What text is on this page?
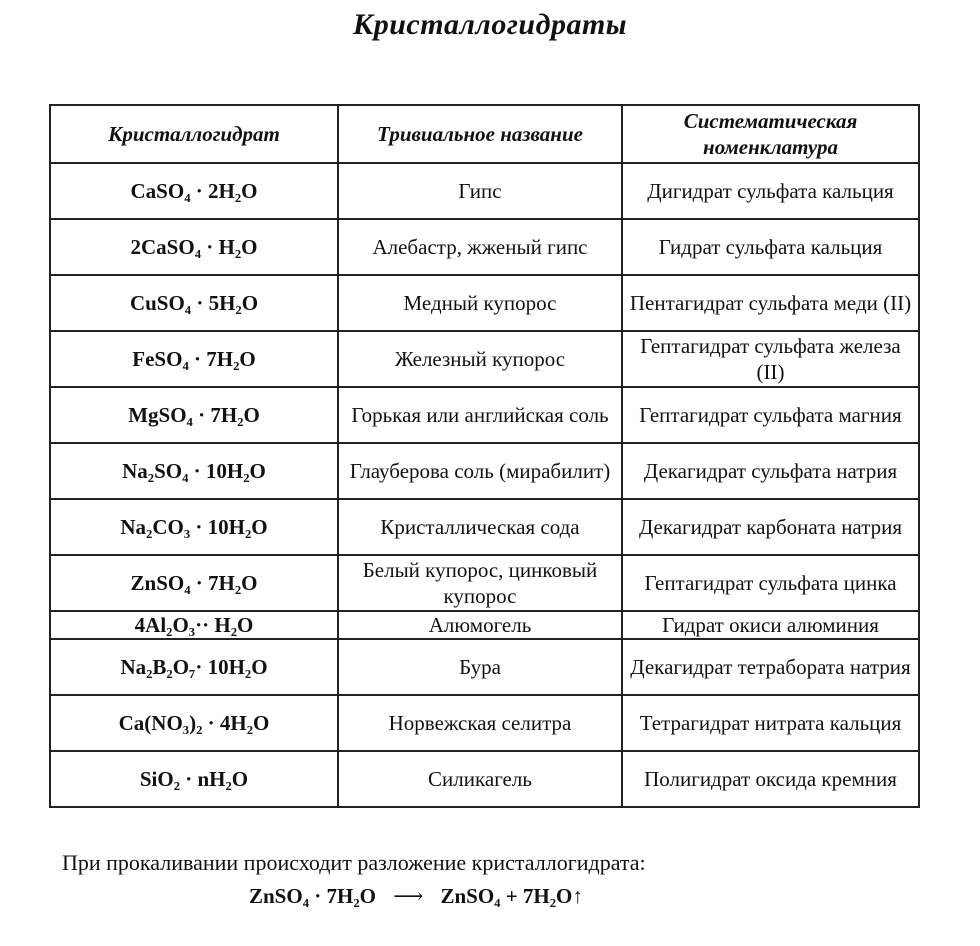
Кристаллогидраты
Кристаллогидрат	Тривиальное название	Систематическая номенклатура
CaSO₄ · 2H₂O	Гипс	Дигидрат сульфата кальция
2CaSO₄ · H₂O	Алебастр, жженый гипс	Гидрат сульфата кальция
CuSO₄ · 5H₂O	Медный купорос	Пентагидрат сульфата меди (II)
FeSO₄ · 7H₂O	Железный купорос	Гептагидрат сульфата железа (II)
MgSO₄ · 7H₂O	Горькая или английская соль	Гептагидрат сульфата магния
Na₂SO₄ · 10H₂O	Глауберова соль (мирабилит)	Декагидрат сульфата натрия
Na₂CO₃ · 10H₂O	Кристаллическая сода	Декагидрат карбоната натрия
ZnSO₄ · 7H₂O	Белый купорос, цинковый купорос	Гептагидрат сульфата цинка
4Al₂O₃·· H₂O	Алюмогель	Гидрат окиси алюминия
Na₂B₂O₇· 10H₂O	Бура	Декагидрат тетрабората натрия
Ca(NO₃)₂ · 4H₂O	Норвежская селитра	Тетрагидрат нитрата кальция
SiO₂ · nH₂O	Силикагель	Полигидрат оксида кремния
При прокаливании происходит разложение кристаллогидрата:
ZnSO₄ · 7H₂O ⟶ ZnSO₄ + 7H₂O↑
